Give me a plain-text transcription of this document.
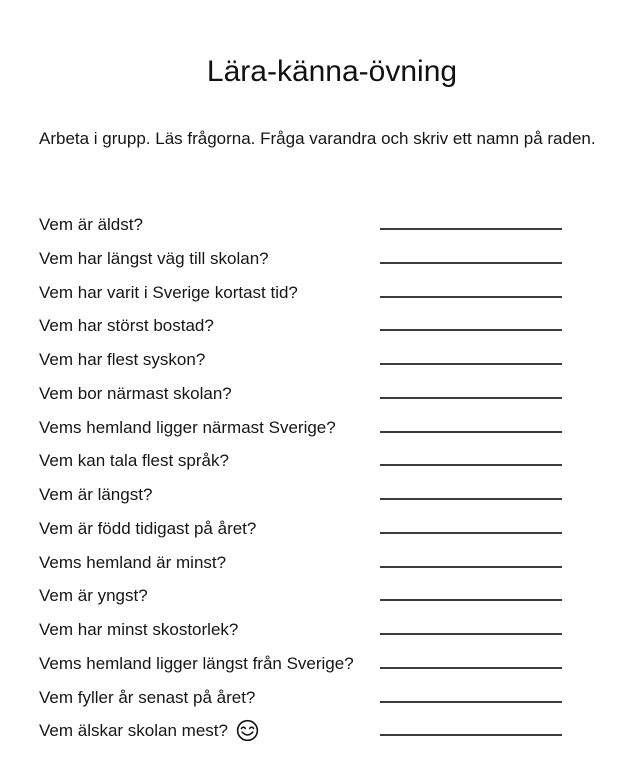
Lära-känna-övning

Arbeta i grupp. Läs frågorna. Fråga varandra och skriv ett namn på raden.

Vem är äldst?
Vem har längst väg till skolan?
Vem har varit i Sverige kortast tid?
Vem har störst bostad?
Vem har flest syskon?
Vem bor närmast skolan?
Vems hemland ligger närmast Sverige?
Vem kan tala flest språk?
Vem är längst?
Vem är född tidigast på året?
Vems hemland är minst?
Vem är yngst?
Vem har minst skostorlek?
Vems hemland ligger längst från Sverige?
Vem fyller år senast på året?
Vem älskar skolan mest?
